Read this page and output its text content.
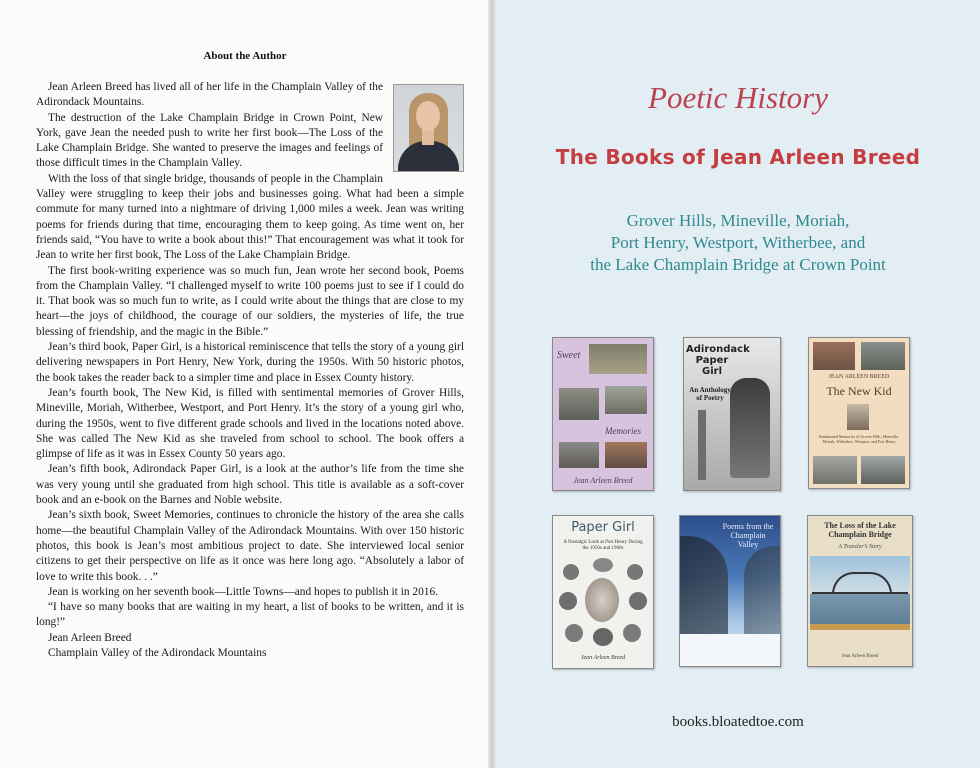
About the Author

Jean Arleen Breed has lived all of her life in the Champlain Valley of the Adirondack Mountains.

The destruction of the Lake Champlain Bridge in Crown Point, New York, gave Jean the needed push to write her first book—The Loss of the Lake Champlain Bridge. She wanted to preserve the images and feelings of those difficult times in the Champlain Valley.

With the loss of that single bridge, thousands of people in the Champlain Valley were struggling to keep their jobs and businesses going. What had been a simple commute for many turned into a nightmare of driving 1,000 miles a week. Jean was writing poems for friends during that time, encouraging them to keep going. As time went on, her friends said, “You have to write a book about this!” That encouragement was what it took for Jean to write her first book, The Loss of the Lake Champlain Bridge.

The first book-writing experience was so much fun, Jean wrote her second book, Poems from the Champlain Valley. “I challenged myself to write 100 poems just to see if I could do it. That book was so much fun to write, as I could write about the things that are close to my heart—the joys of childhood, the courage of our soldiers, the mysteries of life, the true blessing of friendship, and the magic in the Bible.”

Jean’s third book, Paper Girl, is a historical reminiscence that tells the story of a young girl delivering newspapers in Port Henry, New York, during the 1950s. With 50 historic photos, the book takes the reader back to a simpler time and place in Essex County history.

Jean’s fourth book, The New Kid, is filled with sentimental memories of Grover Hills, Mineville, Moriah, Witherbee, Westport, and Port Henry. It’s the story of a young girl who, during the 1950s, went to five different grade schools and lived in the locations noted above. She was called The New Kid as she traveled from school to school. The book offers a glimpse of life as it was in Essex County 50 years ago.

Jean’s fifth book, Adirondack Paper Girl, is a look at the author’s life from the time she was very young until she graduated from high school. This title is available as a soft-cover book and an e-book on the Barnes and Noble website.

Jean’s sixth book, Sweet Memories, continues to chronicle the history of the area she calls home—the beautiful Champlain Valley of the Adirondack Mountains. With over 150 historic photos, this book is Jean’s most ambitious project to date. She interviewed local senior citizens to get their perspective on life as it once was here long ago. “Absolutely a labor of love to write this book. . .”

Jean is working on her seventh book—Little Towns—and hopes to publish it in 2016.

“I have so many books that are waiting in my heart, a list of books to be written, and it is long!”

Jean Arleen Breed

Champlain Valley of the Adirondack Mountains

Poetic History
The Books of Jean Arleen Breed
Grover Hills, Mineville, Moriah,
Port Henry, Westport, Witherbee, and
the Lake Champlain Bridge at Crown Point
Sweet
Memories
Jean Arleen Breed
Adirondack Paper Girl
An Anthology of Poetry
JEAN ARLEEN BREED
The New Kid
Sentimental Memories of Grover Hills, Mineville, Moriah, Witherbee, Westport, and Port Henry
Paper Girl
A Nostalgic Look at Port Henry During the 1950s and 1960s
Jean Arleen Breed
Poems from the Champlain Valley
The Loss of the Lake Champlain Bridge
A Traveler’s Story
Jean Arleen Breed
books.bloatedtoe.com
